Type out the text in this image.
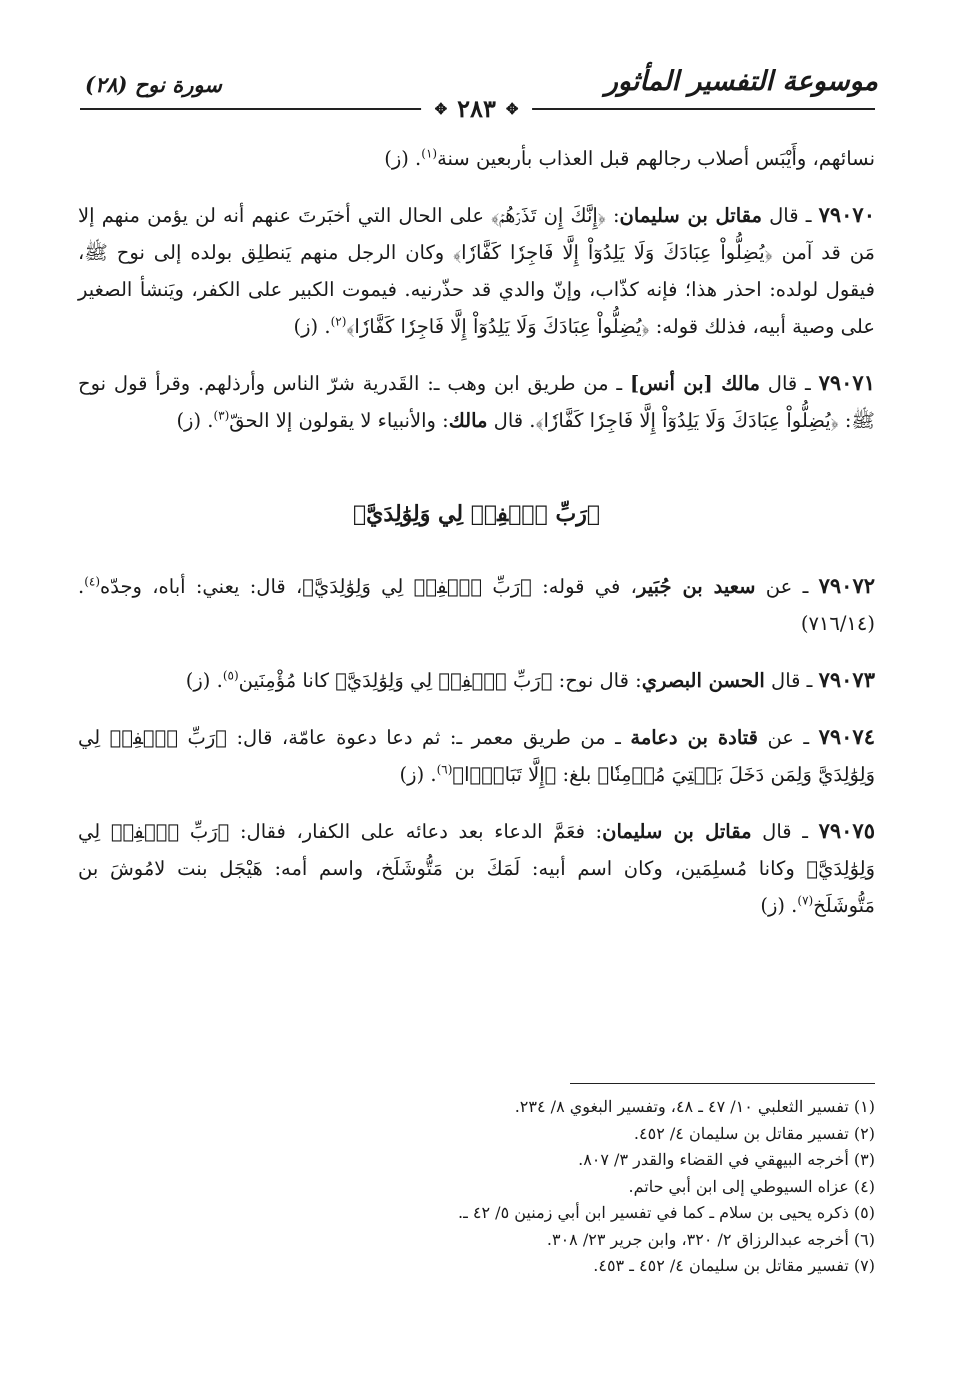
موسوعة التفسير المأثور
سورة نوح (٢٨)
✥
٢٨٣
✥

نسائهم، وأَيْبَس أصلاب رجالهم قبل العذاب بأربعين سنة$^{(١)}$. (ز)

٧٩٠٧٠ ـ قال مقاتل بن سليمان: ﴿إِنَّكَ إِن تَذَرۡهُمۡ﴾ على الحال التي أخبَرتَ عنهم أنه لن يؤمن منهم إلا مَن قد آمن ﴿يُضِلُّواْ عِبَادَكَ وَلَا يَلِدُوٓاْ إِلَّا فَاجِرٗا كَفَّارٗا﴾ وكان الرجل منهم يَنطلِق بولده إلى نوح ﷺ، فيقول لولده: احذر هذا؛ فإنه كذّاب، وإنّ والدي قد حذّرنيه. فيموت الكبير على الكفر، ويَنشأ الصغير على وصية أبيه، فذلك قوله: ﴿يُضِلُّواْ عِبَادَكَ وَلَا يَلِدُوٓاْ إِلَّا فَاجِرٗا كَفَّارٗا﴾$^{(٢)}$. (ز)

٧٩٠٧١ ـ قال مالك [بن أنس] ـ من طريق ابن وهب ـ: القَدرية شرّ الناس وأرذلهم. وقرأ قول نوح ﷺ: ﴿يُضِلُّواْ عِبَادَكَ وَلَا يَلِدُوٓاْ إِلَّا فَاجِرٗا كَفَّارٗا﴾. قال مالك: والأنبياء لا يقولون إلا الحقّ$^{(٣)}$. (ز)

﴿رَبِّ ٱغۡفِرۡ لِي وَلِوَٰلِدَيَّ﴾

٧٩٠٧٢ ـ عن سعيد بن جُبَير، في قوله: ﴿رَبِّ ٱغۡفِرۡ لِي وَلِوَٰلِدَيَّ﴾، قال: يعني: أباه، وجدّه$^{(٤)}$. (٧١٦/١٤)

٧٩٠٧٣ ـ قال الحسن البصري: قال نوح: ﴿رَبِّ ٱغۡفِرۡ لِي وَلِوَٰلِدَيَّ﴾ كانا مُؤْمِنَين$^{(٥)}$. (ز)

٧٩٠٧٤ ـ عن قتادة بن دعامة ـ من طريق معمر ـ: ثم دعا دعوة عامّة، قال: ﴿رَبِّ ٱغۡفِرۡ لِي وَلِوَٰلِدَيَّ وَلِمَن دَخَلَ بَيۡتِيَ مُؤۡمِنٗا﴾ بلغ: ﴿إِلَّا تَبَارَۢا﴾$^{(٦)}$. (ز)

٧٩٠٧٥ ـ قال مقاتل بن سليمان: فعَمَّ الدعاء بعد دعائه على الكفار، فقال: ﴿رَبِّ ٱغۡفِرۡ لِي وَلِوَٰلِدَيَّ﴾ وكانا مُسلِمَين، وكان اسم أبيه: لَمَكَ بن مَتُّوشَلَخ، واسم أمه: هَيْجَل بنت لامُوشَ بن مَتُّوشَلَخ$^{(٧)}$. (ز)

(١) تفسير الثعلبي ١٠/ ٤٧ ـ ٤٨، وتفسير البغوي ٨/ ٢٣٤.

(٢) تفسير مقاتل بن سليمان ٤/ ٤٥٢.

(٣) أخرجه البيهقي في القضاء والقدر ٣/ ٨٠٧.

(٤) عزاه السيوطي إلى ابن أبي حاتم.

(٥) ذكره يحيى بن سلام ـ كما في تفسير ابن أبي زمنين ٥/ ٤٢ ـ.

(٦) أخرجه عبدالرزاق ٢/ ٣٢٠، وابن جرير ٢٣/ ٣٠٨.

(٧) تفسير مقاتل بن سليمان ٤/ ٤٥٢ ـ ٤٥٣.
